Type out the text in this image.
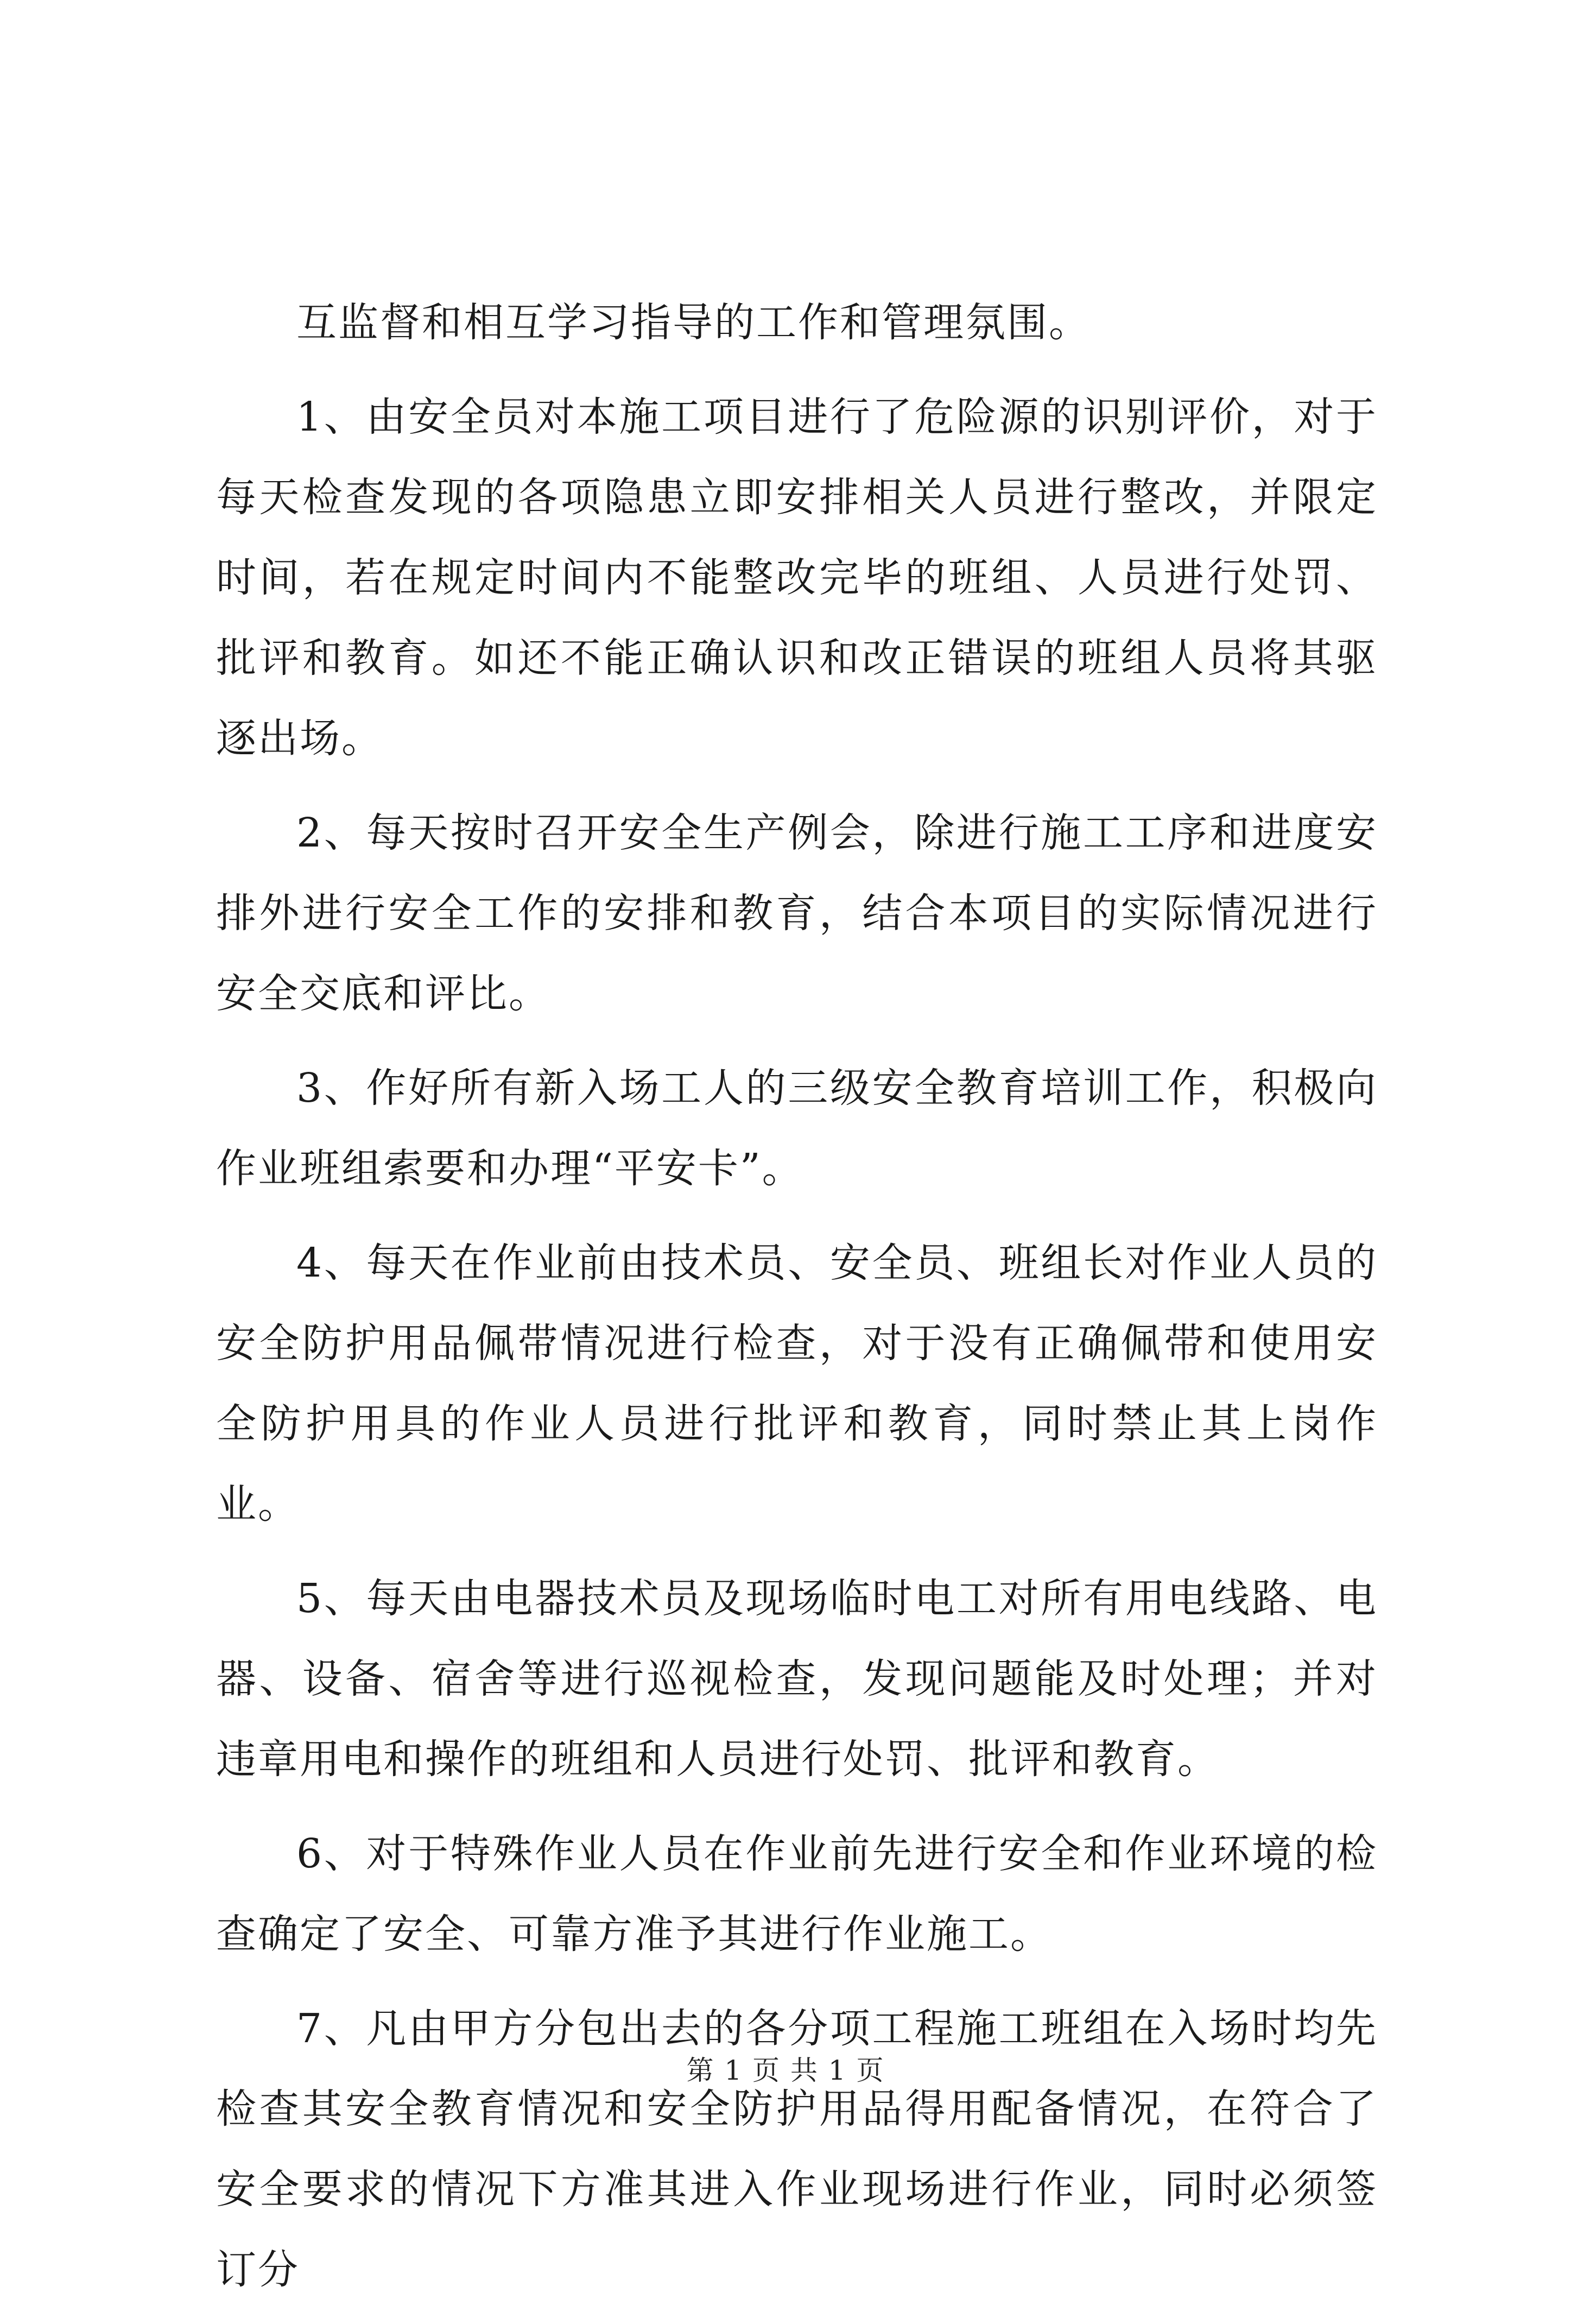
互监督和相互学习指导的工作和管理氛围。

1、由安全员对本施工项目进行了危险源的识别评价，对于每天检查发现的各项隐患立即安排相关人员进行整改，并限定时间，若在规定时间内不能整改完毕的班组、人员进行处罚、批评和教育。如还不能正确认识和改正错误的班组人员将其驱逐出场。

2、每天按时召开安全生产例会，除进行施工工序和进度安排外进行安全工作的安排和教育，结合本项目的实际情况进行安全交底和评比。

3、作好所有新入场工人的三级安全教育培训工作，积极向作业班组索要和办理“平安卡”。

4、每天在作业前由技术员、安全员、班组长对作业人员的安全防护用品佩带情况进行检查，对于没有正确佩带和使用安全防护用具的作业人员进行批评和教育，同时禁止其上岗作业。

5、每天由电器技术员及现场临时电工对所有用电线路、电器、设备、宿舍等进行巡视检查，发现问题能及时处理；并对违章用电和操作的班组和人员进行处罚、批评和教育。

6、对于特殊作业人员在作业前先进行安全和作业环境的检查确定了安全、可靠方准予其进行作业施工。

7、凡由甲方分包出去的各分项工程施工班组在入场时均先检查其安全教育情况和安全防护用品得用配备情况，在符合了安全要求的情况下方准其进入作业现场进行作业，同时必须签订分

第 1 页 共 1 页
